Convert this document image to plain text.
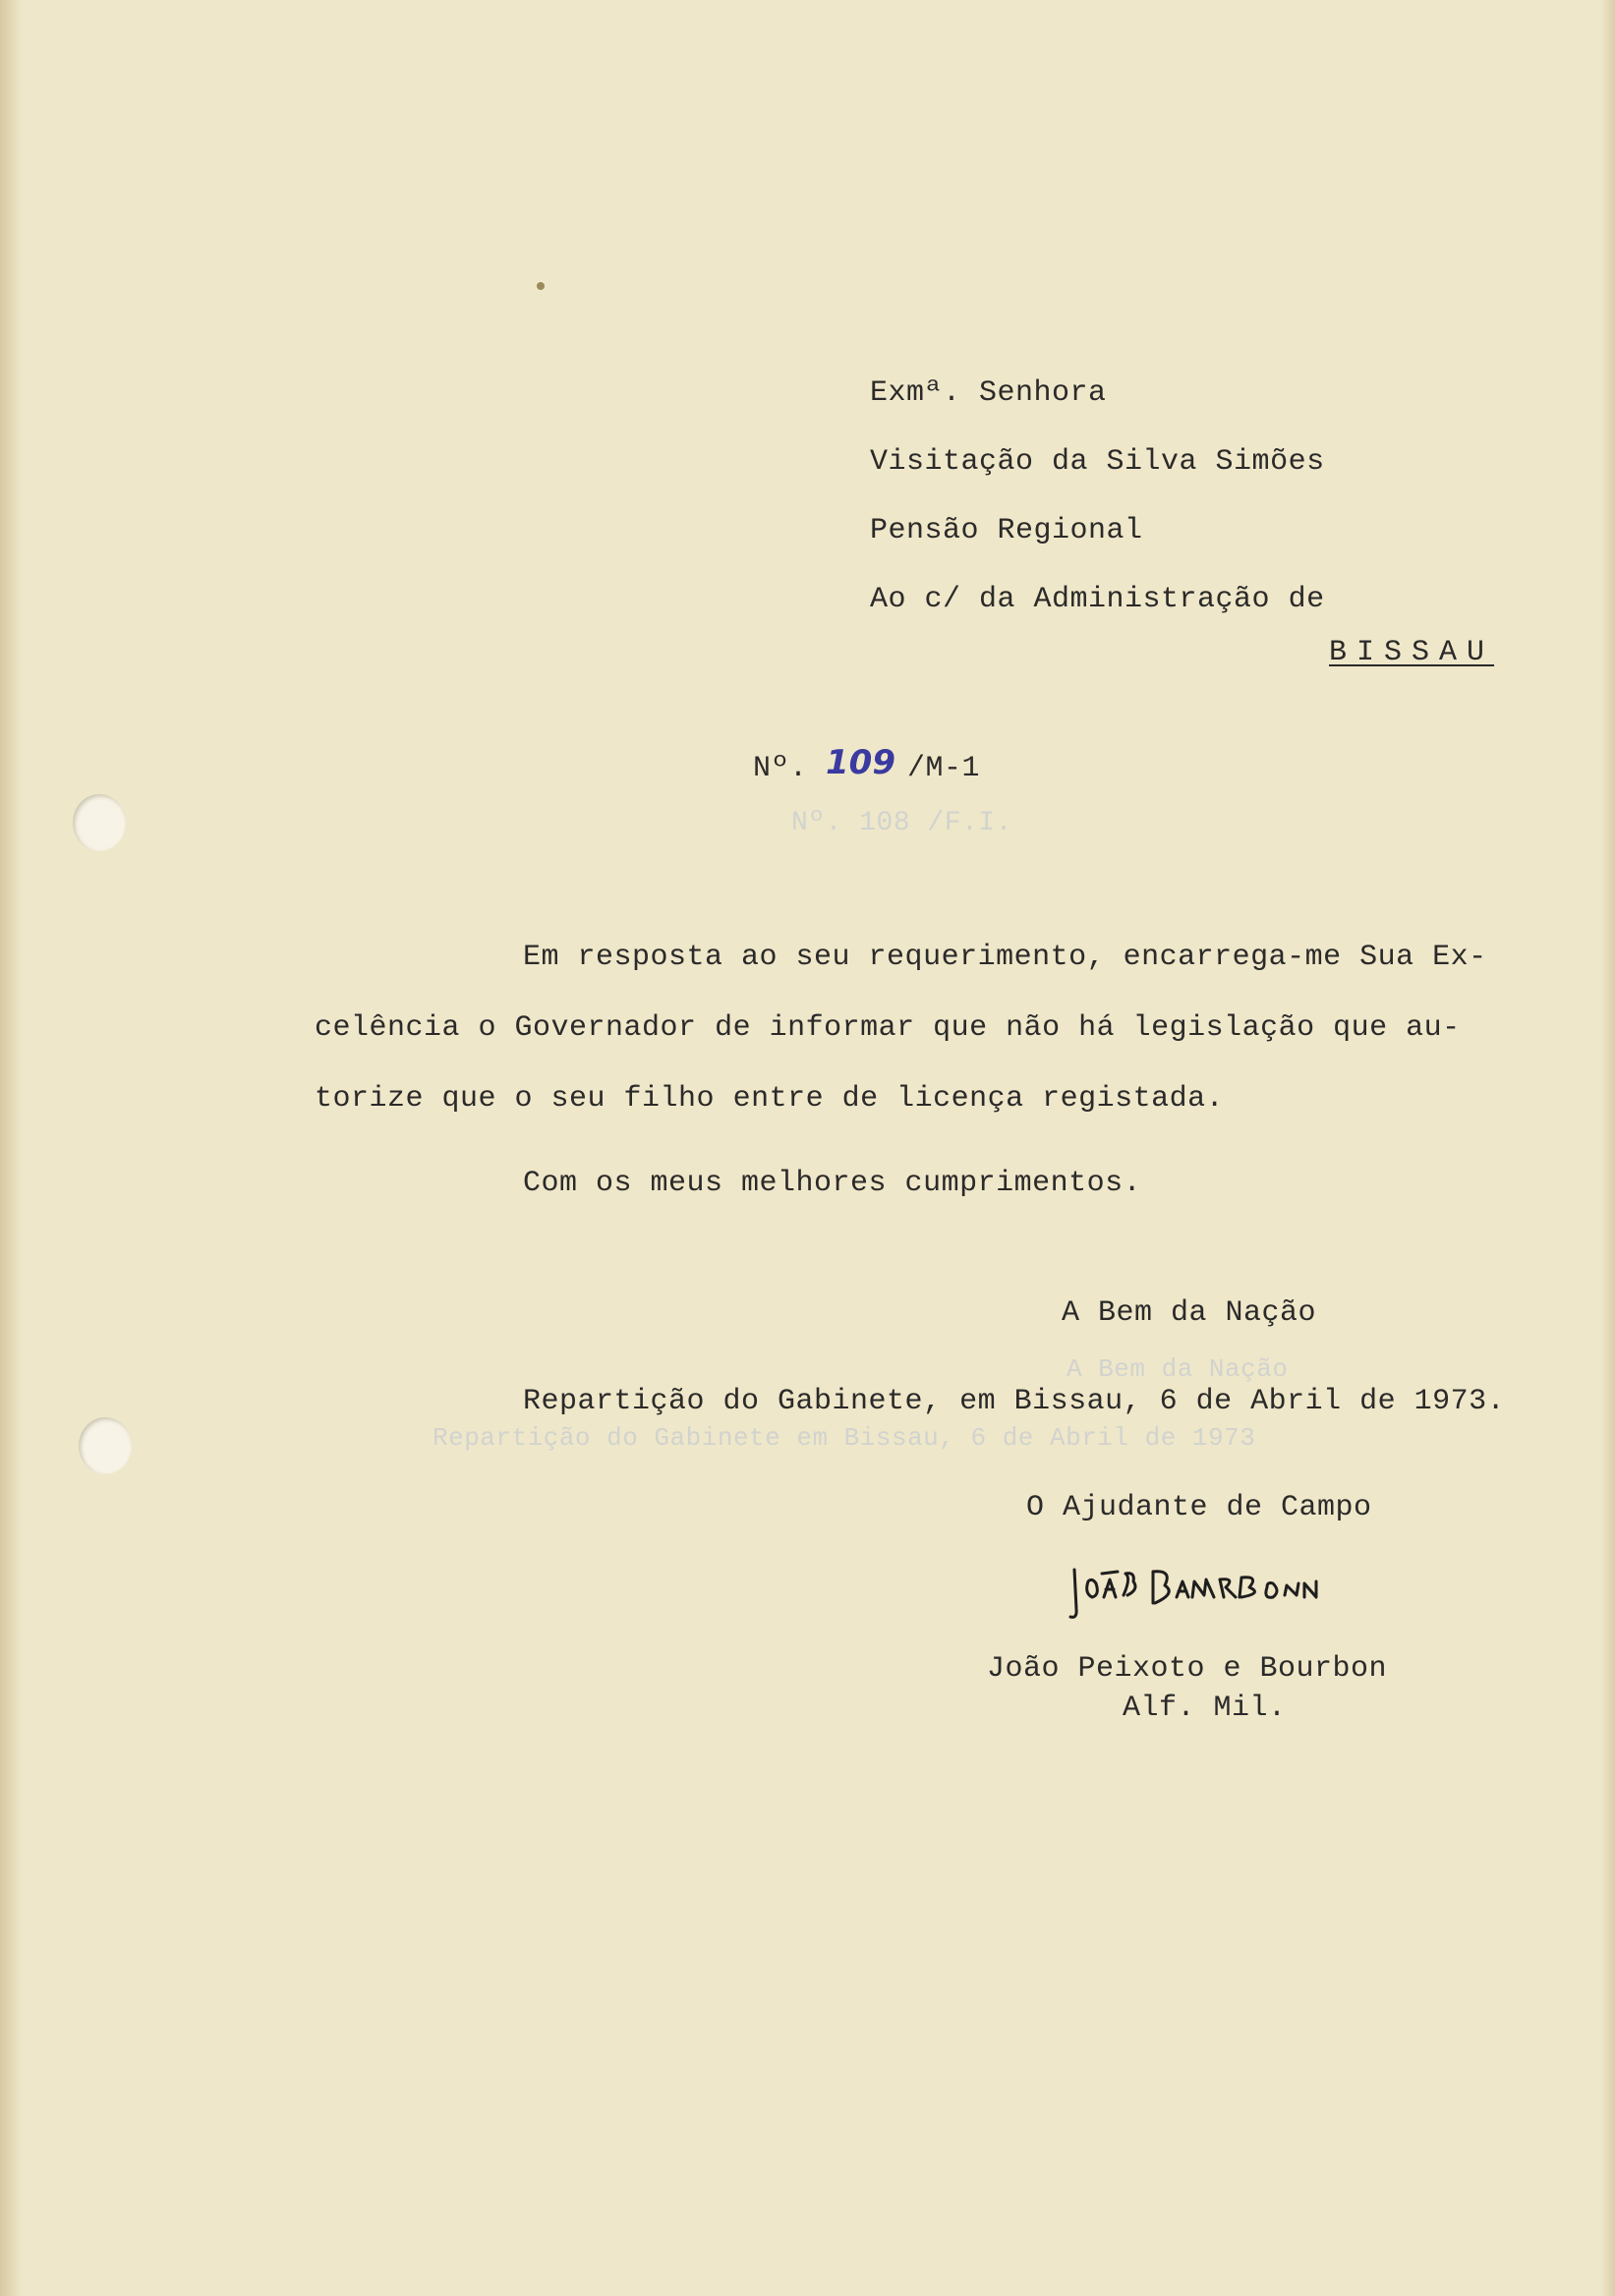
Nº. 108 /F.I.
A Bem da Nação
Repartição do Gabinete em Bissau, 6 de Abril de 1973
Exmª. Senhora
Visitação da Silva Simões
Pensão Regional
Ao c/ da Administração de
BISSAU
Nº. 109 /M-1
Em resposta ao seu requerimento, encarrega-me Sua Ex-
celência o Governador de informar que não há legislação que au-
torize que o seu filho entre de licença registada.
Com os meus melhores cumprimentos.
A Bem da Nação
Repartição do Gabinete, em Bissau, 6 de Abril de 1973.
O Ajudante de Campo
João Peixoto e Bourbon
Alf. Mil.
